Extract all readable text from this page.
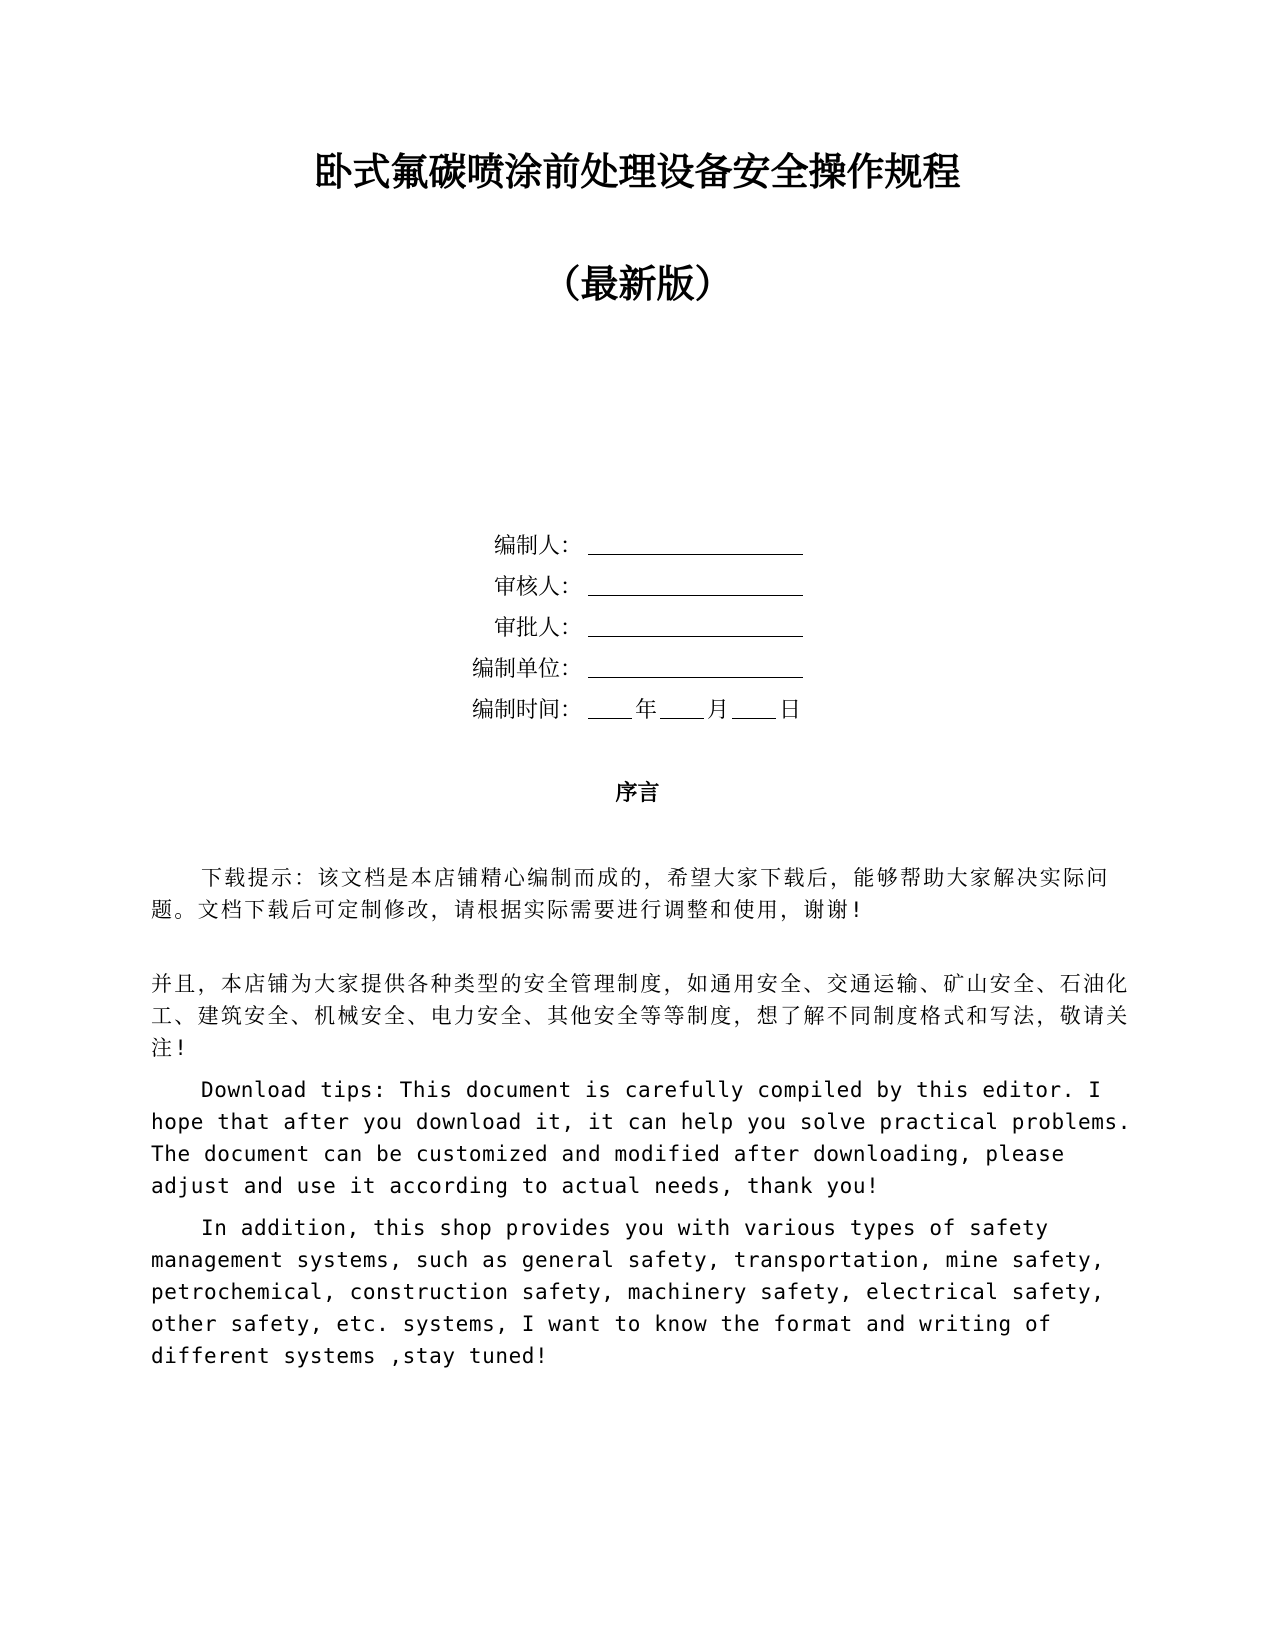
卧式氟碳喷涂前处理设备安全操作规程
（最新版）
编制人：
审核人：
审批人：
编制单位：
编制时间： 年 月 日
序言

下载提示：该文档是本店铺精心编制而成的，希望大家下载后，能够帮助大家解决实际问题。文档下载后可定制修改，请根据实际需要进行调整和使用，谢谢!

并且，本店铺为大家提供各种类型的安全管理制度，如通用安全、交通运输、矿山安全、石油化工、建筑安全、机械安全、电力安全、其他安全等等制度，想了解不同制度格式和写法，敬请关注!

Download tips: This document is carefully compiled by this editor. I hope that after you download it, it can help you solve practical problems. The document can be customized and modified after downloading, please adjust and use it according to actual needs, thank you!

In addition, this shop provides you with various types of safety management systems, such as general safety, transportation, mine safety, petrochemical, construction safety, machinery safety, electrical safety, other safety, etc. systems, I want to know the format and writing of different systems ,stay tuned!
